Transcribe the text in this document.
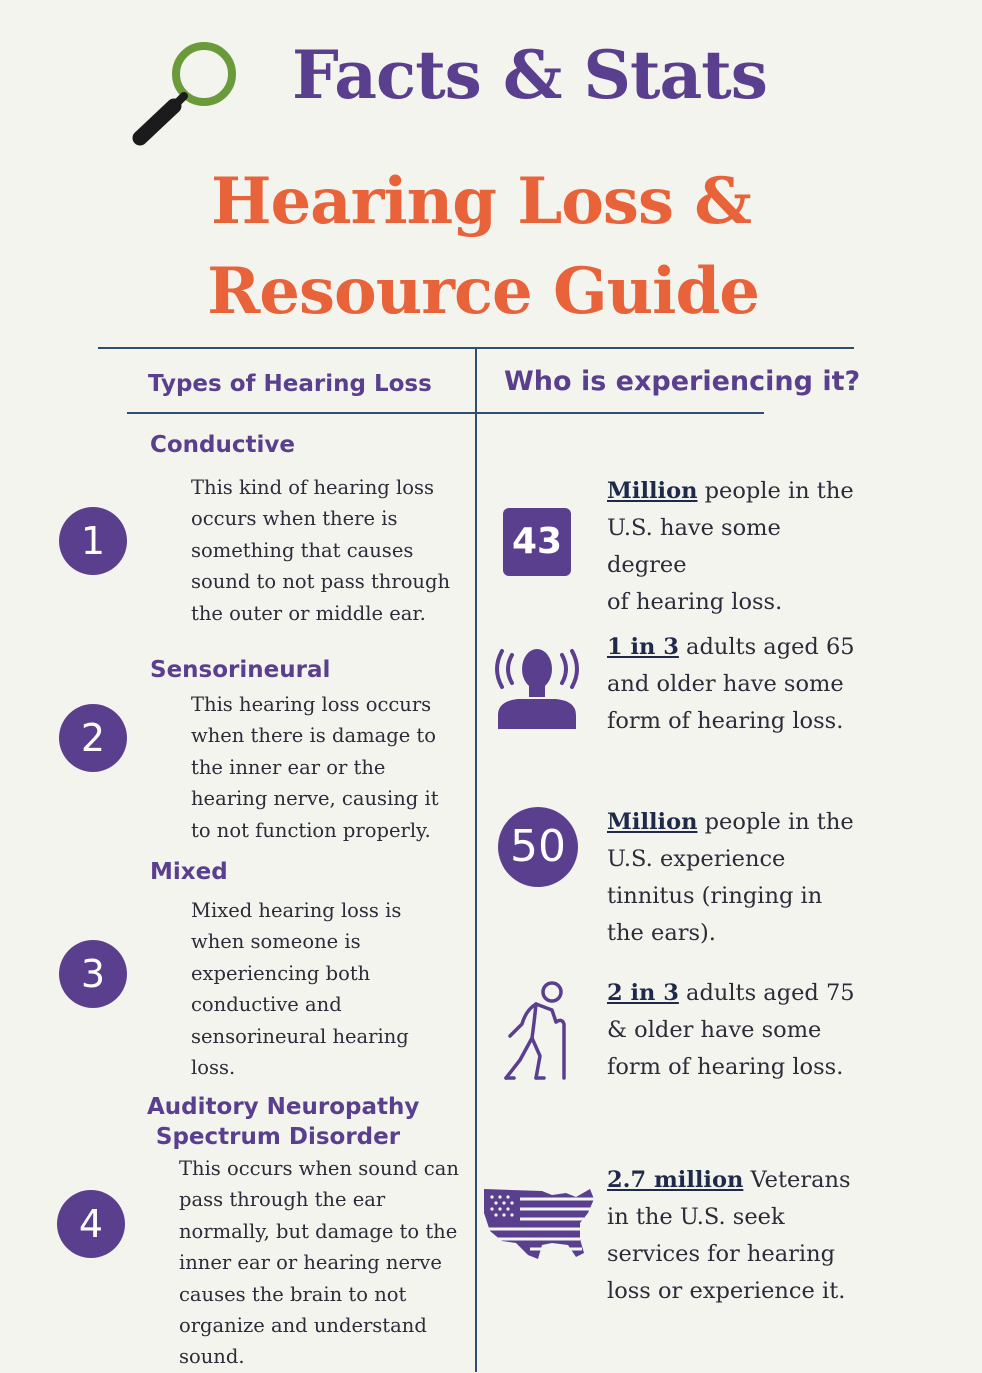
Facts & Stats
Hearing Loss &
Resource Guide
Types of Hearing Loss	Who is experiencing it?
Conductive
1
This kind of hearing loss
occurs when there is
something that causes
sound to not pass through
the outer or middle ear.
Sensorineural
2
This hearing loss occurs
when there is damage to
the inner ear or the
hearing nerve, causing it
to not function properly.
Mixed
3
Mixed hearing loss is
when someone is
experiencing both
conductive and
sensorineural hearing
loss.
Auditory Neuropathy
Spectrum Disorder
4
This occurs when sound can
pass through the ear
normally, but damage to the
inner ear or hearing nerve
causes the brain to not
organize and understand
sound.
43
Million people in the
U.S. have some degree
of hearing loss.
1 in 3 adults aged 65
and older have some
form of hearing loss.
50	Million people in the
U.S. experience
tinnitus (ringing in
the ears).
2 in 3 adults aged 75
& older have some
form of hearing loss.
2.7 million Veterans
in the U.S. seek
services for hearing
loss or experience it.
